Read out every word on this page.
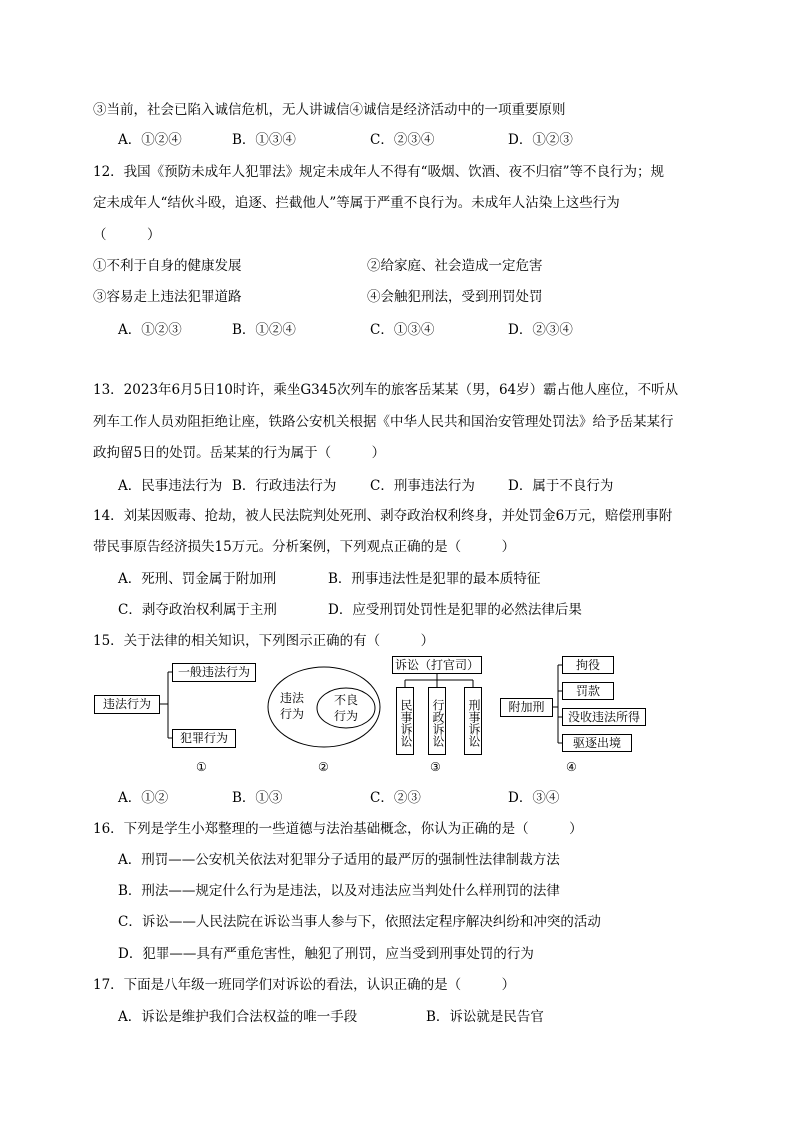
③当前，社会已陷入诚信危机，无人讲诚信④诚信是经济活动中的一项重要原则
A．①②④	B．①③④	C．②③④	D．①②③
12．我国《预防未成年人犯罪法》规定未成年人不得有“吸烟、饮酒、夜不归宿”等不良行为；规
定未成年人“结伙斗殴，追逐、拦截他人”等属于严重不良行为。未成年人沾染上这些行为
（　　　）
①不利于自身的健康发展	②给家庭、社会造成一定危害
③容易走上违法犯罪道路	④会触犯刑法，受到刑罚处罚
A．①②③	B．①②④	C．①③④	D．②③④
13．2023年6月5日10时许，乘坐G345次列车的旅客岳某某（男，64岁）霸占他人座位，不听从
列车工作人员劝阻拒绝让座，铁路公安机关根据《中华人民共和国治安管理处罚法》给予岳某某行
政拘留5日的处罚。岳某某的行为属于（　　　）
A．民事违法行为 B．行政违法行为 C．刑事违法行为 D．属于不良行为
14．刘某因贩毒、抢劫，被人民法院判处死刑、剥夺政治权利终身，并处罚金6万元，赔偿刑事附
带民事原告经济损失15万元。分析案例，下列观点正确的是（　　　）
A．死刑、罚金属于附加刑	B．刑事违法性是犯罪的最本质特征
C．剥夺政治权利属于主刑	D．应受刑罚处罚性是犯罪的必然法律后果
15．关于法律的相关知识，下列图示正确的有（　　　）
违法行为
一般违法行为
犯罪行为
①
违法行为
不良行为
②
诉讼（打官司）
民事诉讼 行政诉讼 刑事诉讼
③
附加刑
拘役
罚款
没收违法所得
驱逐出境
④
A．①②	B．①③	C．②③	D．③④
16．下列是学生小郑整理的一些道德与法治基础概念，你认为正确的是（　　　）
A．刑罚——公安机关依法对犯罪分子适用的最严厉的强制性法律制裁方法
B．刑法——规定什么行为是违法，以及对违法应当判处什么样刑罚的法律
C．诉讼——人民法院在诉讼当事人参与下，依照法定程序解决纠纷和冲突的活动
D．犯罪——具有严重危害性，触犯了刑罚，应当受到刑事处罚的行为
17．下面是八年级一班同学们对诉讼的看法，认识正确的是（　　　）
A．诉讼是维护我们合法权益的唯一手段	B．诉讼就是民告官
